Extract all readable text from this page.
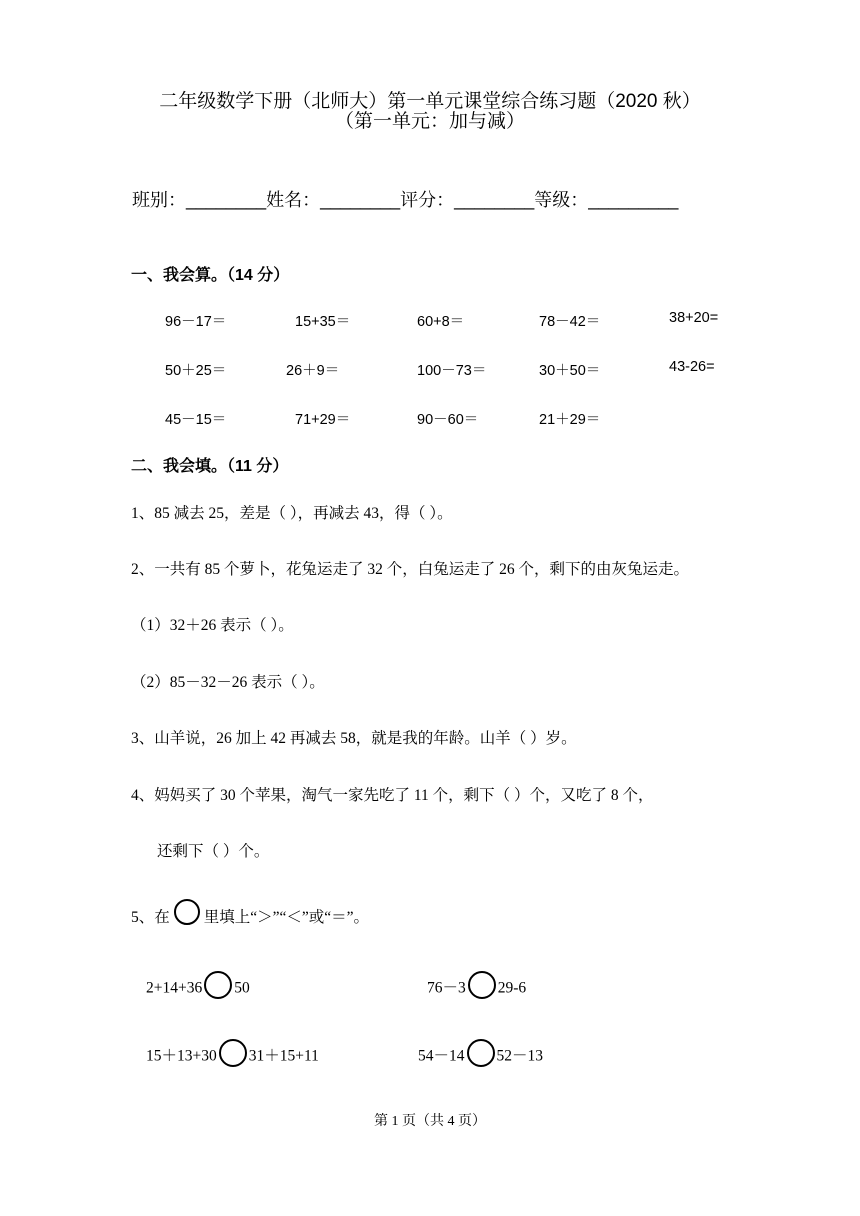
二年级数学下册（北师大）第一单元课堂综合练习题（2020 秋）
（第一单元：加与减）
班别：________姓名：________评分：________等级：_________
一、我会算。（14 分）
96－17＝	15+35＝	60+8＝	78－42＝	38+20=
50＋25＝	26＋9＝	100－73＝	30＋50＝	43-26=
45－15＝	71+29＝	90－60＝	21＋29＝
二、我会填。（11 分）
1、85 减去 25，差是（ ），再减去 43，得（ ）。
2、一共有 85 个萝卜，花兔运走了 32 个，白兔运走了 26 个，剩下的由灰兔运走。
（1）32＋26 表示（ ）。
（2）85－32－26 表示（ ）。
3、山羊说，26 加上 42 再减去 58，就是我的年龄。山羊（ ）岁。
4、妈妈买了 30 个苹果，淘气一家先吃了 11 个，剩下（ ）个，又吃了 8 个，
还剩下（ ）个。
5、在 里填上“＞”“＜”或“＝”。
2+14+36 50	76－3 29-6
15＋13+30 31＋15+11	54－14 52－13
第 1 页（共 4 页）
